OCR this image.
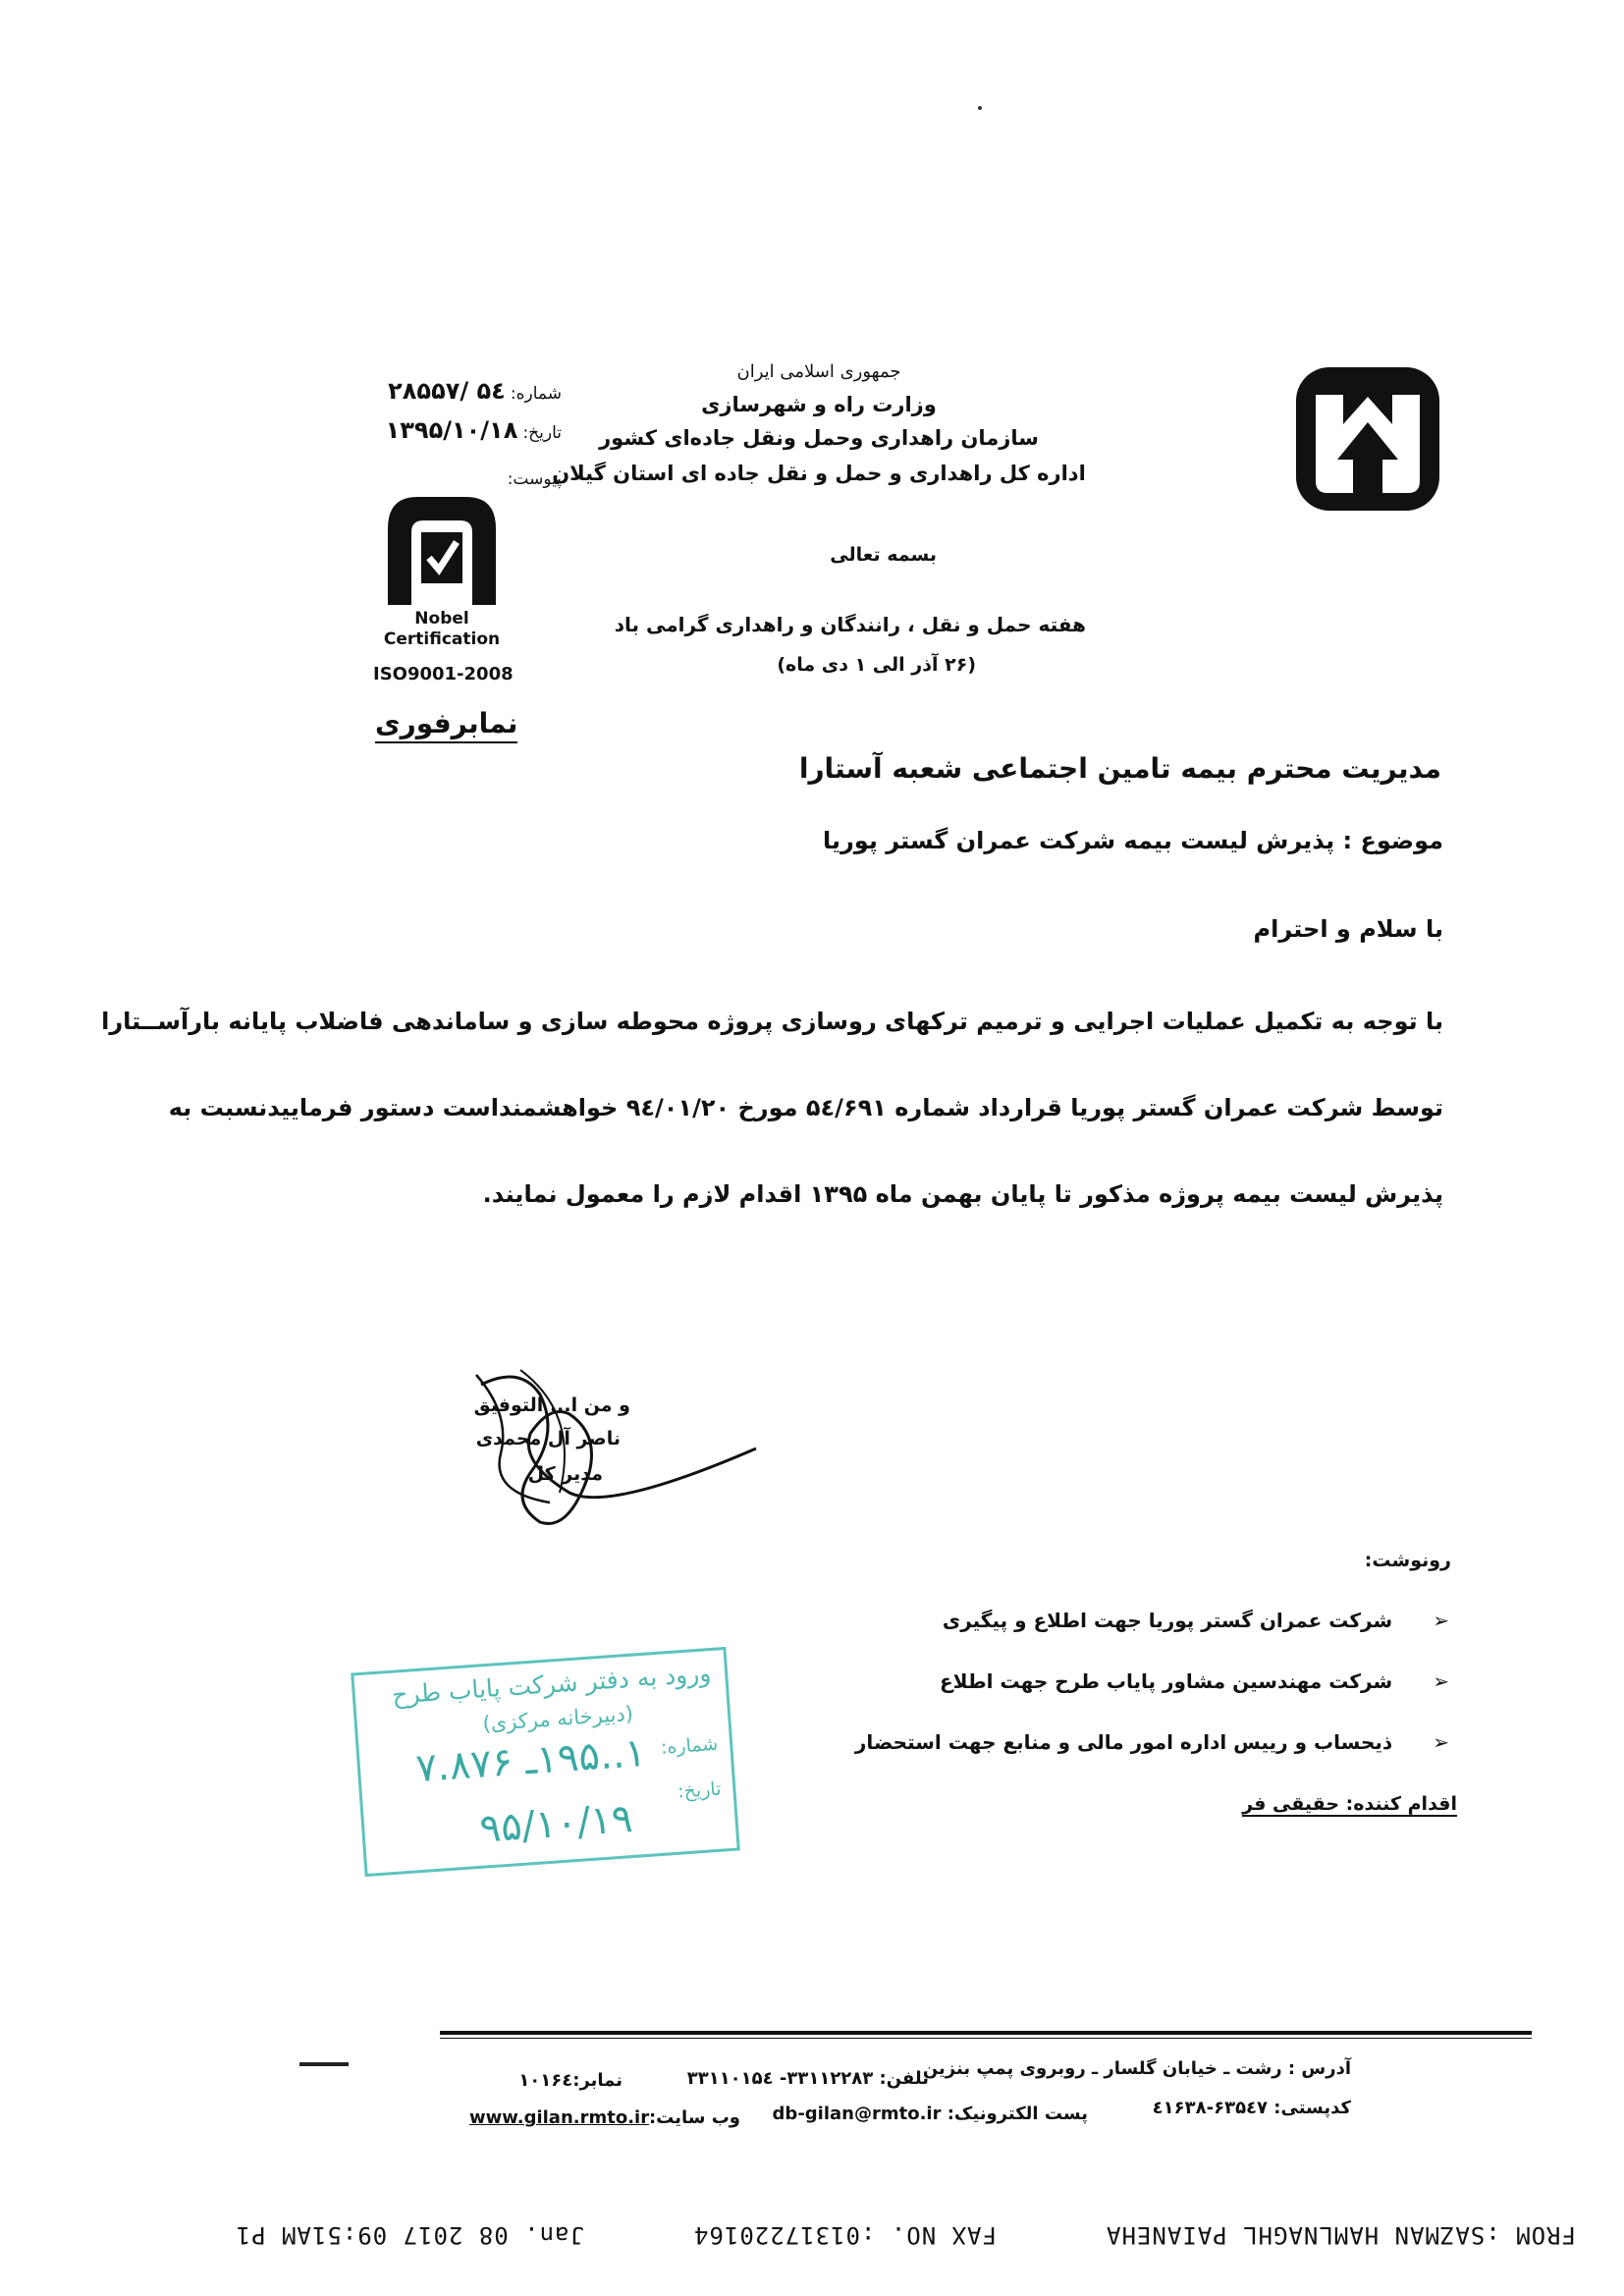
جمهوری اسلامی ایران
وزارت راه و شهرسازی
سازمان راهداری وحمل ونقل جاده‌ای کشور
اداره کل راهداری و حمل و نقل جاده ای استان گیلان
شماره: ۵٤ /۲۸۵۵۷
تاریخ: ۱۳۹۵/۱۰/۱۸
پیوست:
Nobel
Certification
ISO9001-2008
نمابرفوری
بسمه تعالی
هفته حمل و نقل ، رانندگان و راهداری گرامی باد
(۲۶ آذر الی ۱ دی ماه)
مدیریت محترم بیمه تامین اجتماعی شعبه آستارا
موضوع : پذیرش لیست بیمه شرکت عمران گستر پوریا
با سلام و احترام
با توجه به تکمیل عملیات اجرایی و ترمیم ترکهای روسازی پروژه محوطه سازی و ساماندهی فاضلاب پایانه بارآســتارا
توسط شرکت عمران گستر پوریا قرارداد شماره ۵٤/۶۹۱ مورخ ۹٤/۰۱/۲۰ خواهشمنداست دستور فرمایید‌نسبت به
پذیرش لیست بیمه پروژه مذکور تا پایان بهمن ماه ۱۳۹۵ اقدام لازم را معمول نمایند.
و من ا... التوفیق
ناصر آل محمدی
مدیر کل
رونوشت:
➢ شرکت عمران گستر پوریا جهت اطلاع و پیگیری
➢ شرکت مهندسین مشاور پایاب طرح جهت اطلاع
➢ ذیحساب و رییس اداره امور مالی و منابع جهت استحضار
اقدام کننده: حقیقی فر
ورود به دفتر شرکت پایاب طرح
(دبیرخانه مرکزی)
شماره:
۱..۱۹۵ـ ۷.۸۷۶
تاریخ:
۹۵/۱۰/۱۹
آدرس : رشت ـ خیابان گلسار ـ روبروی پمپ بنزین
تلفن: ۳۳۱۱۲۲۸۳- ۳۳۱۱۰۱۵٤
نمابر:۱۰۱۶٤
کدپستی: ۶۳۵٤۷-٤۱۶۳۸
پست الکترونیک: db-gilan@rmto.ir
وب سایت:
www.gilan.rmto.ir
FROM :SAZMAN HAMLNAGHL PAIANEHA
FAX NO. :01317220164
Jan. 08 2017 09:51AM P1
